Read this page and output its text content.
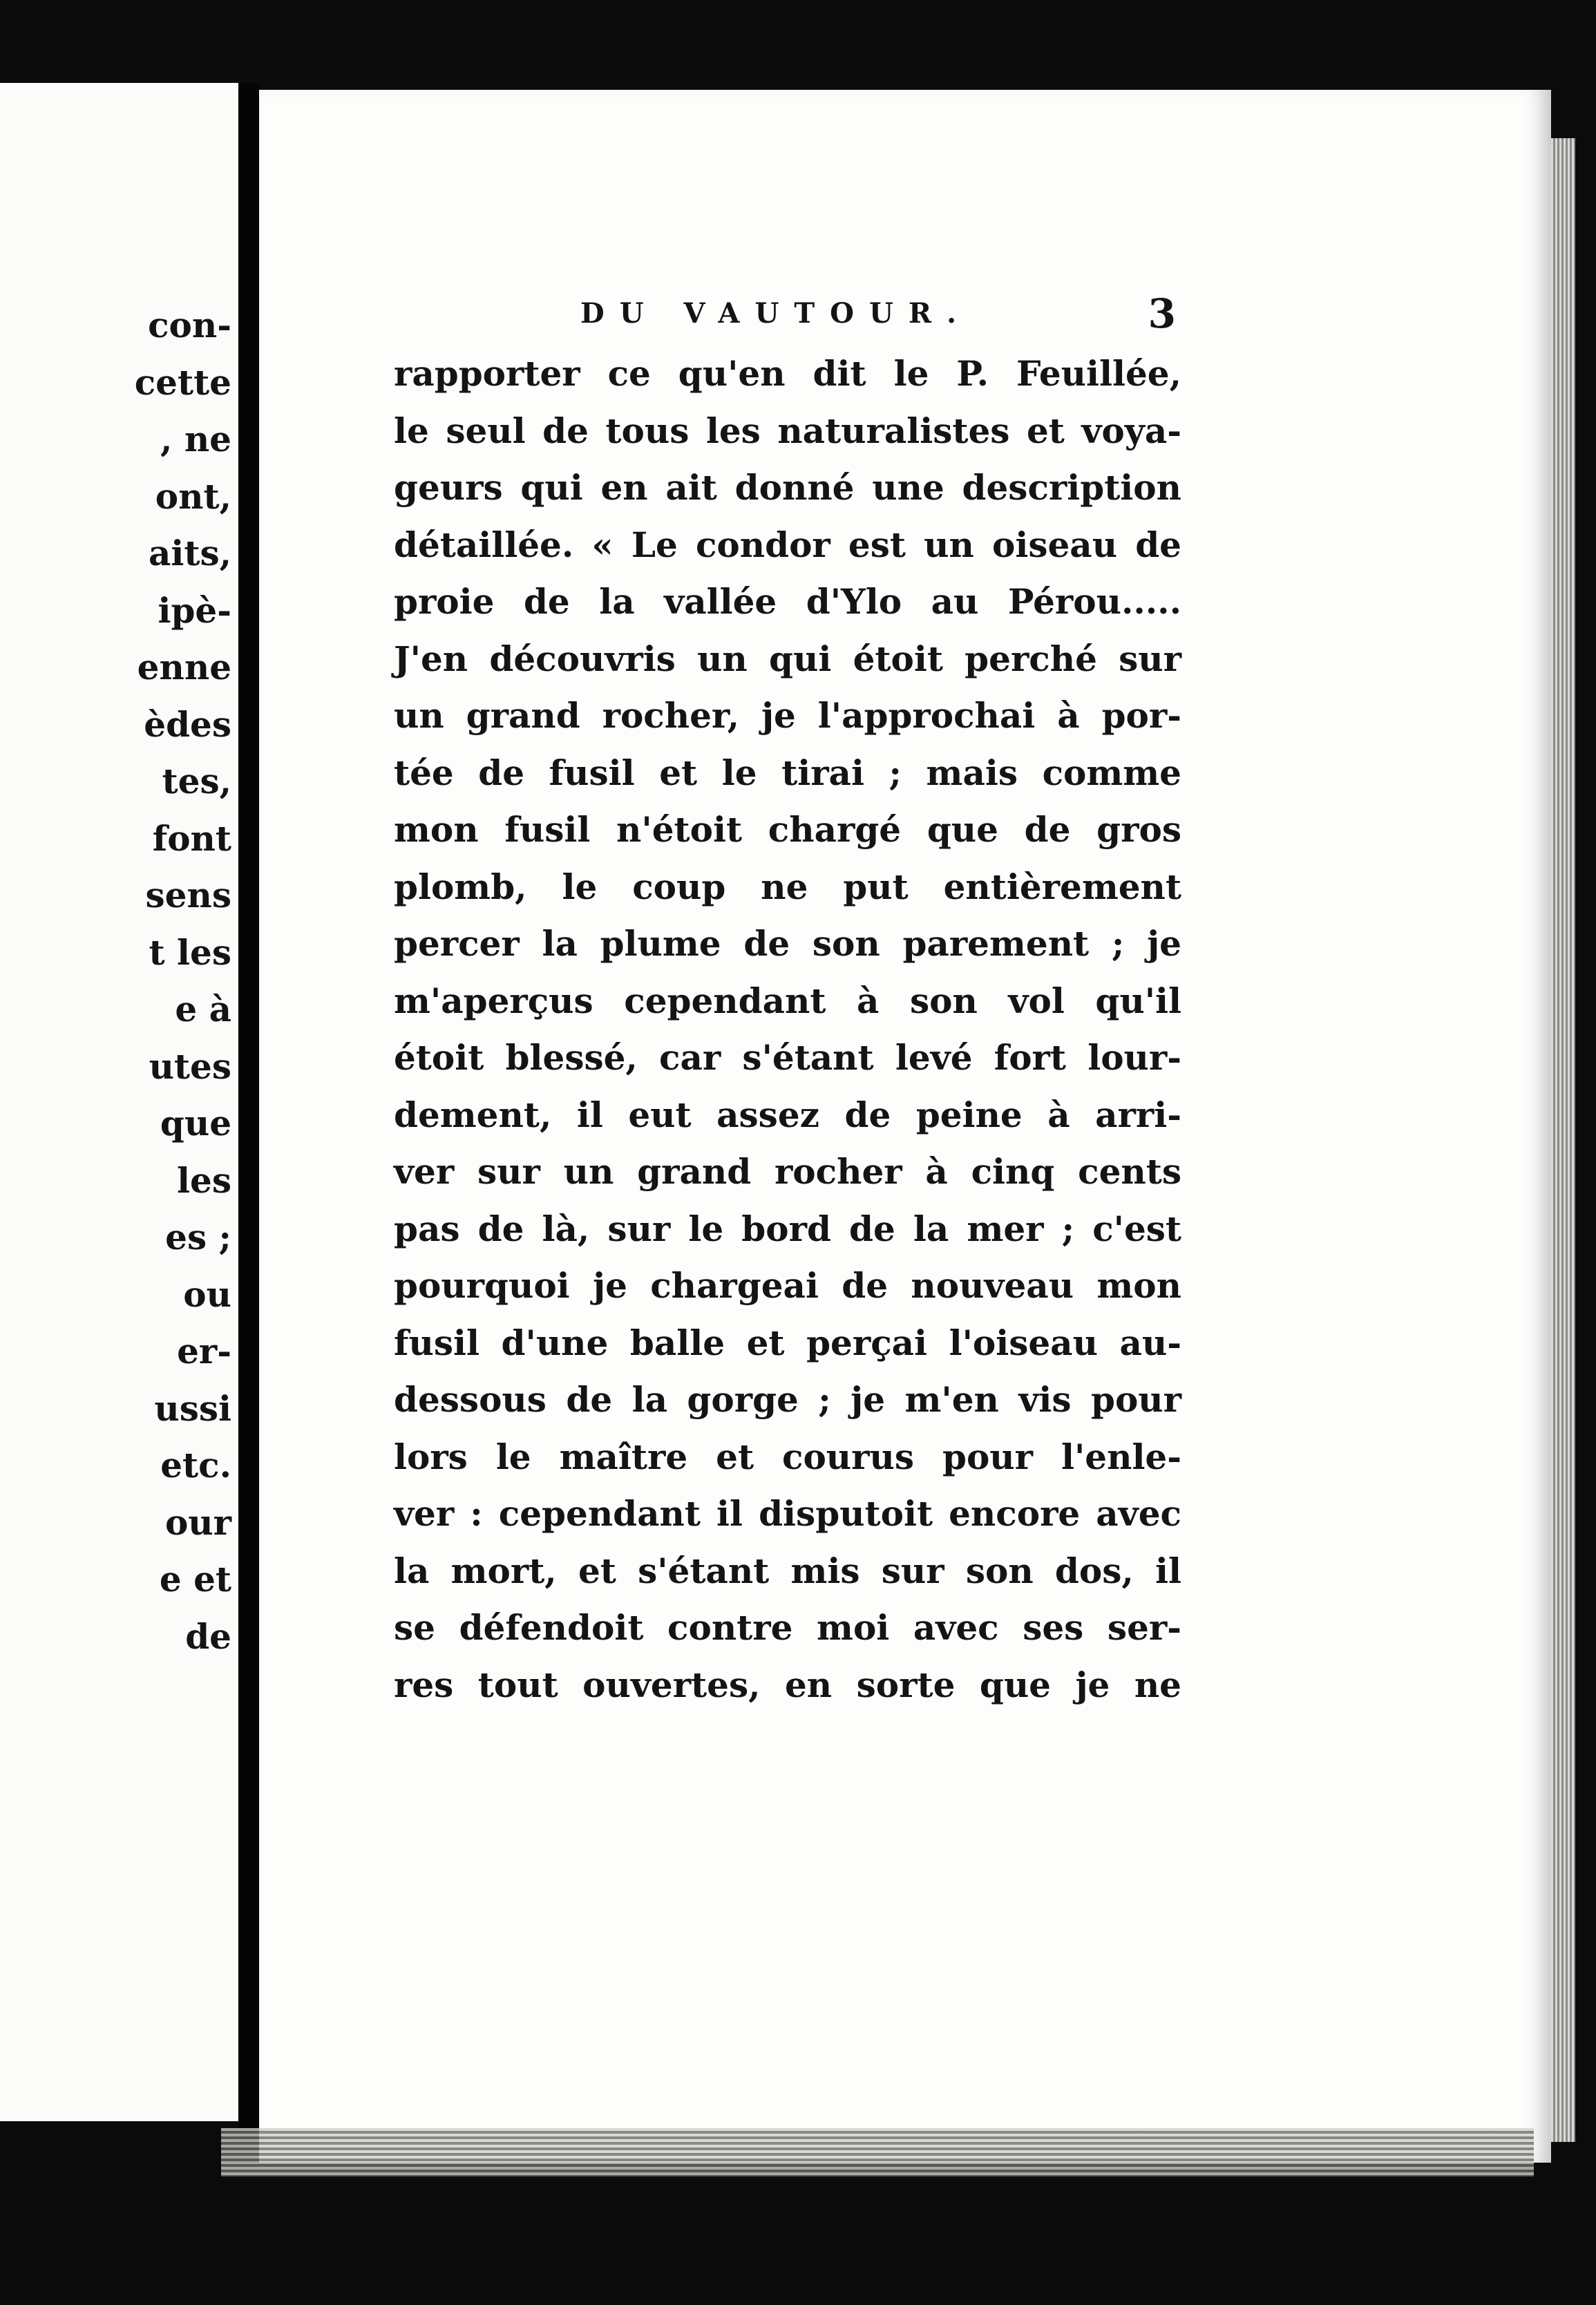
con-
cette
, ne
ont,
aits,
ipè-
enne
èdes
tes,
font
sens
t les
e à
utes
que
les
es ;
ou
er-
ussi
etc.
our
e et
de
DU VAUTOUR.	3
rapporter ce qu'en dit le P. Feuillée,
le seul de tous les naturalistes et voya-
geurs qui en ait donné une description
détaillée. « Le condor est un oiseau de
proie de la vallée d'Ylo au Pérou.....
J'en découvris un qui étoit perché sur
un grand rocher, je l'approchai à por-
tée de fusil et le tirai ; mais comme
mon fusil n'étoit chargé que de gros
plomb, le coup ne put entièrement
percer la plume de son parement ; je
m'aperçus cependant à son vol qu'il
étoit blessé, car s'étant levé fort lour-
dement, il eut assez de peine à arri-
ver sur un grand rocher à cinq cents
pas de là, sur le bord de la mer ; c'est
pourquoi je chargeai de nouveau mon
fusil d'une balle et perçai l'oiseau au-
dessous de la gorge ; je m'en vis pour
lors le maître et courus pour l'enle-
ver : cependant il disputoit encore avec
la mort, et s'étant mis sur son dos, il
se défendoit contre moi avec ses ser-
res tout ouvertes, en sorte que je ne
